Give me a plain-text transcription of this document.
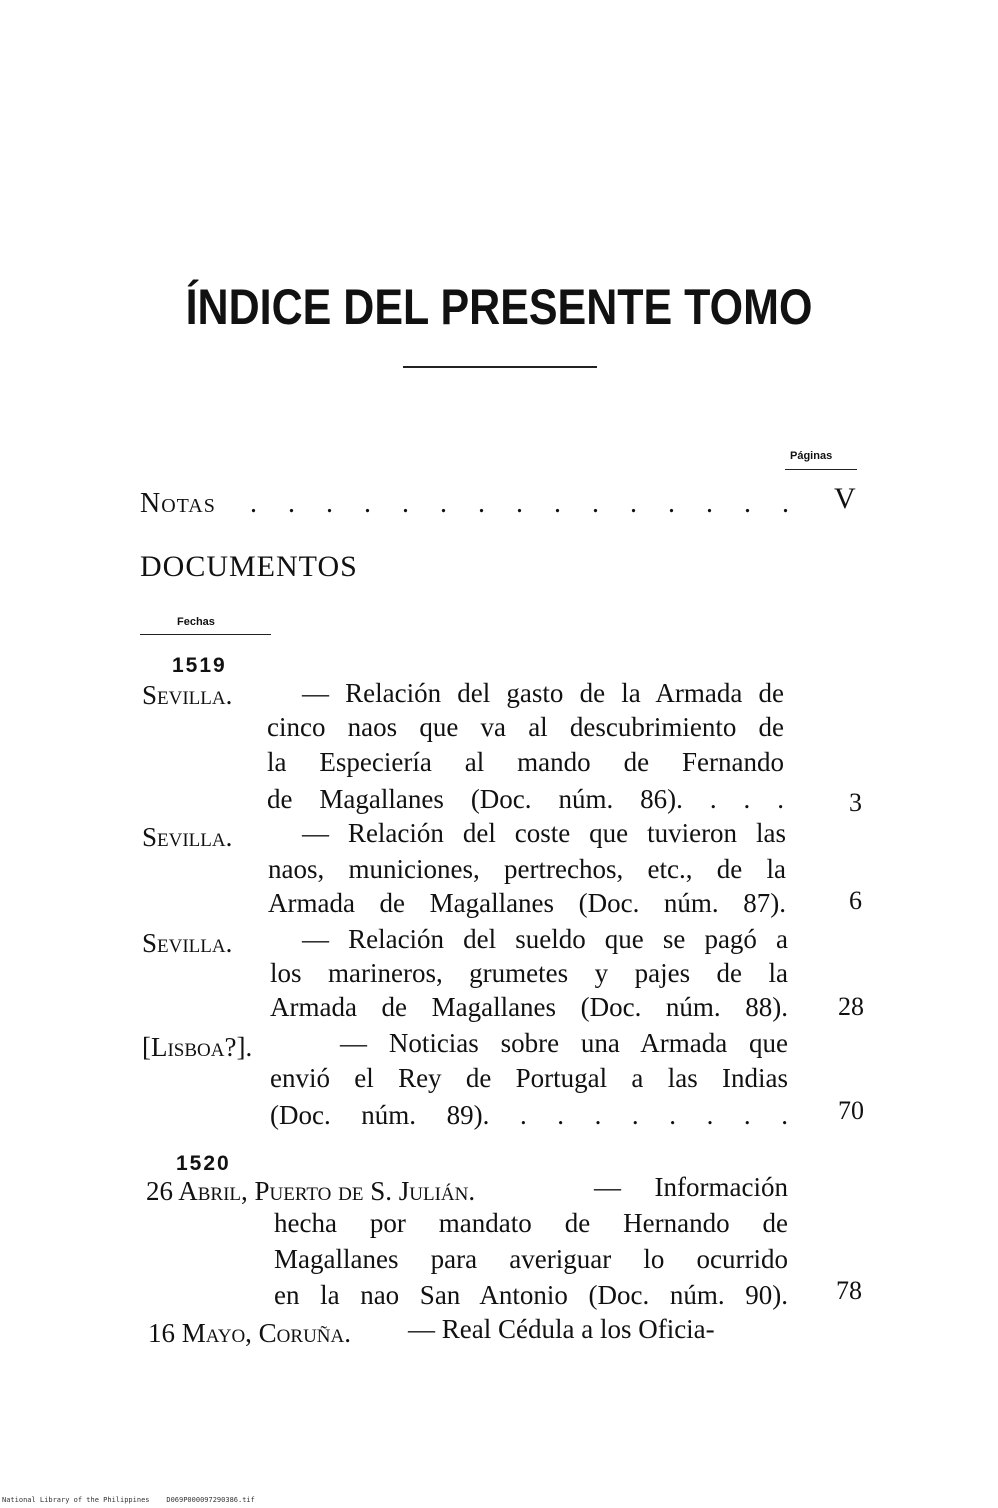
ÍNDICE DEL PRESENTE TOMO
Páginas
Notas . . . . . . . . . . . . . . . V
DOCUMENTOS
Fechas
1519
Sevilla.	— Relación del gasto de la Armada de
cinco naos que va al descubrimiento de
la Especiería al mando de Fernando
de Magallanes (Doc. núm. 86). . . .	3
Sevilla.	— Relación del coste que tuvieron las
naos, municiones, pertrechos, etc., de la
Armada de Magallanes (Doc. núm. 87).	6
Sevilla.	— Relación del sueldo que se pagó a
los marineros, grumetes y pajes de la
Armada de Magallanes (Doc. núm. 88).	28
[Lisboa?].	— Noticias sobre una Armada que
envió el Rey de Portugal a las Indias
(Doc. núm. 89). . . . . . . . .	70
1520
26 Abril, Puerto de S. Julián.	— Información
hecha por mandato de Hernando de
Magallanes para averiguar lo ocurrido
en la nao San Antonio (Doc. núm. 90).	78
16 Mayo, Coruña. — Real Cédula a los Oficia-
National Library of the Philippines    D069P000097290386.tif
